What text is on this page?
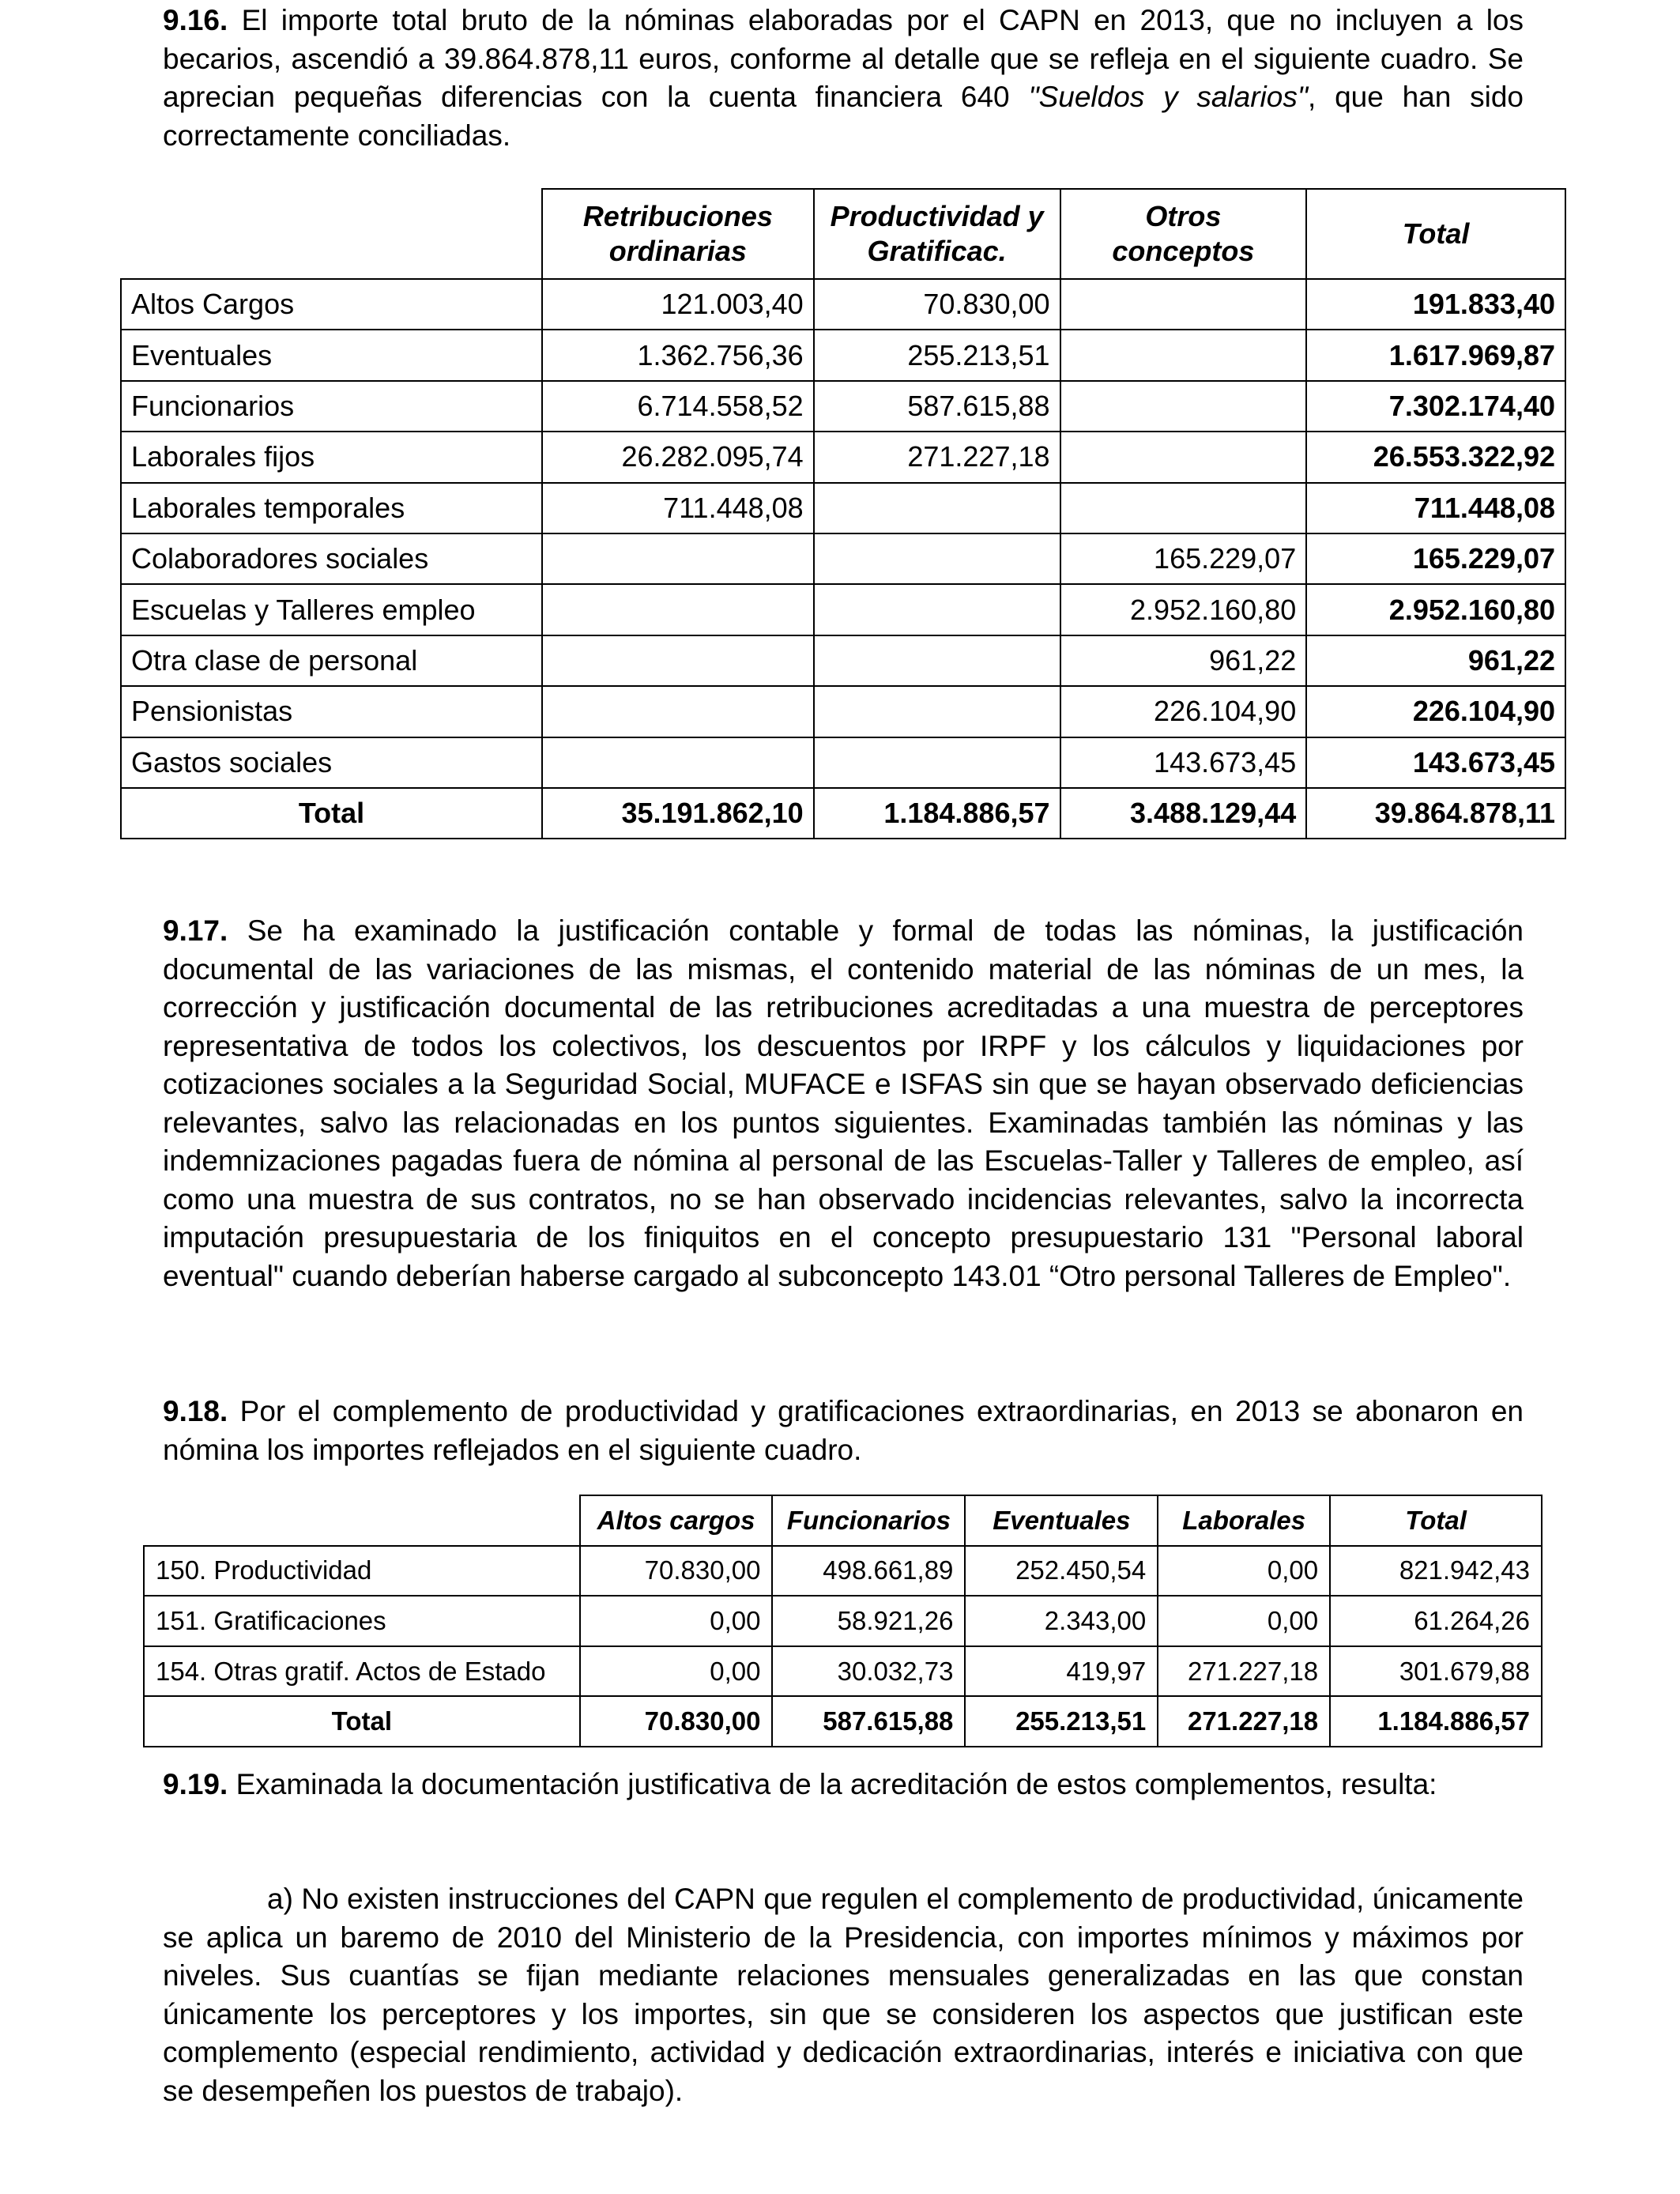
9.16. El importe total bruto de la nóminas elaboradas por el CAPN en 2013, que no incluyen a los becarios, ascendió a 39.864.878,11 euros, conforme al detalle que se refleja en el siguiente cuadro. Se aprecian pequeñas diferencias con la cuenta financiera 640 "Sueldos y salarios", que han sido correctamente conciliadas.

	Retribuciones ordinarias	Productividad y Gratificac.	Otros conceptos	Total
Altos Cargos	121.003,40	70.830,00		191.833,40
Eventuales	1.362.756,36	255.213,51		1.617.969,87
Funcionarios	6.714.558,52	587.615,88		7.302.174,40
Laborales fijos	26.282.095,74	271.227,18		26.553.322,92
Laborales temporales	711.448,08			711.448,08
Colaboradores sociales			165.229,07	165.229,07
Escuelas y Talleres empleo			2.952.160,80	2.952.160,80
Otra clase de personal			961,22	961,22
Pensionistas			226.104,90	226.104,90
Gastos sociales			143.673,45	143.673,45
Total	35.191.862,10	1.184.886,57	3.488.129,44	39.864.878,11

9.17. Se ha examinado la justificación contable y formal de todas las nóminas, la justificación documental de las variaciones de las mismas, el contenido material de las nóminas de un mes, la corrección y justificación documental de las retribuciones acreditadas a una muestra de perceptores representativa de todos los colectivos, los descuentos por IRPF y los cálculos y liquidaciones por cotizaciones sociales a la Seguridad Social, MUFACE e ISFAS sin que se hayan observado deficiencias relevantes, salvo las relacionadas en los puntos siguientes. Examinadas también las nóminas y las indemnizaciones pagadas fuera de nómina al personal de las Escuelas-Taller y Talleres de empleo, así como una muestra de sus contratos, no se han observado incidencias relevantes, salvo la incorrecta imputación presupuestaria de los finiquitos en el concepto presupuestario 131 "Personal laboral eventual" cuando deberían haberse cargado al subconcepto 143.01 “Otro personal Talleres de Empleo".

9.18. Por el complemento de productividad y gratificaciones extraordinarias, en 2013 se abonaron en nómina los importes reflejados en el siguiente cuadro.

	Altos cargos	Funcionarios	Eventuales	Laborales	Total
150. Productividad	70.830,00	498.661,89	252.450,54	0,00	821.942,43
151. Gratificaciones	0,00	58.921,26	2.343,00	0,00	61.264,26
154. Otras gratif. Actos de Estado	0,00	30.032,73	419,97	271.227,18	301.679,88
Total	70.830,00	587.615,88	255.213,51	271.227,18	1.184.886,57

9.19. Examinada la documentación justificativa de la acreditación de estos complementos, resulta:

a) No existen instrucciones del CAPN que regulen el complemento de productividad, únicamente se aplica un baremo de 2010 del Ministerio de la Presidencia, con importes mínimos y máximos por niveles. Sus cuantías se fijan mediante relaciones mensuales generalizadas en las que constan únicamente los perceptores y los importes, sin que se consideren los aspectos que justifican este complemento (especial rendimiento, actividad y dedicación extraordinarias, interés e iniciativa con que se desempeñen los puestos de trabajo).
